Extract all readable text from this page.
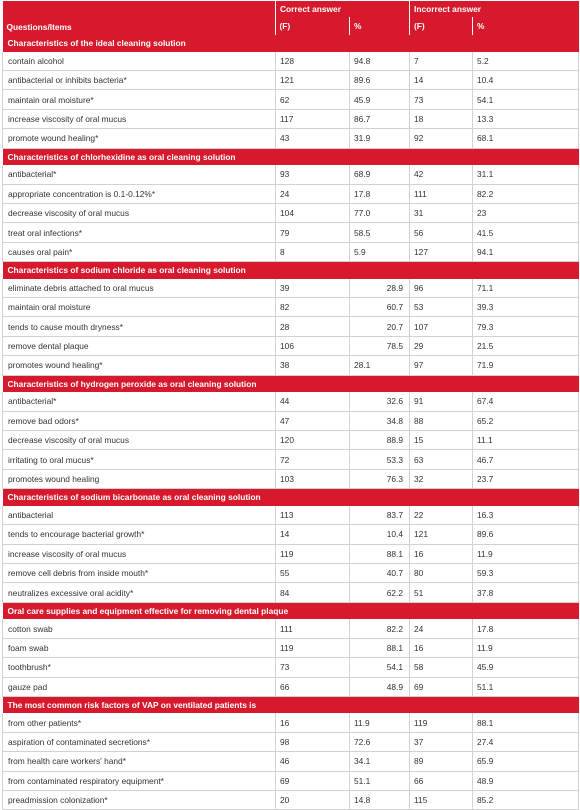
Questions/Items	Correct answer		Incorrect answer	
	(F)	%	(F)	%
Characteristics of the ideal cleaning solution				
contain alcohol	128	94.8	7	5.2
antibacterial or inhibits bacteria*	121	89.6	14	10.4
maintain oral moisture*	62	45.9	73	54.1
increase viscosity of oral mucus	117	86.7	18	13.3
promote wound healing*	43	31.9	92	68.1
Characteristics of chlorhexidine as oral cleaning solution				
antibacterial*	93	68.9	42	31.1
appropriate concentration is 0.1-0.12%*	24	17.8	111	82.2
decrease viscosity of oral mucus	104	77.0	31	23
treat oral infections*	79	58.5	56	41.5
causes oral pain*	8	5.9	127	94.1
Characteristics of sodium chloride as oral cleaning solution				
eliminate debris attached to oral mucus	39	28.9	96	71.1
maintain oral moisture	82	60.7	53	39.3
tends to cause mouth dryness*	28	20.7	107	79.3
remove dental plaque	106	78.5	29	21.5
promotes wound healing*	38	28.1	97	71.9
Characteristics of hydrogen peroxide as oral cleaning solution				
antibacterial*	44	32.6	91	67.4
remove bad odors*	47	34.8	88	65.2
decrease viscosity of oral mucus	120	88.9	15	11.1
irritating to oral mucus*	72	53.3	63	46.7
promotes wound healing	103	76.3	32	23.7
Characteristics of sodium bicarbonate as oral cleaning solution				
antibacterial	113	83.7	22	16.3
tends to encourage bacterial growth*	14	10.4	121	89.6
increase viscosity of oral mucus	119	88.1	16	11.9
remove cell debris from inside mouth*	55	40.7	80	59.3
neutralizes excessive oral acidity*	84	62.2	51	37.8
Oral care supplies and equipment effective for removing dental plaque				
cotton swab	111	82.2	24	17.8
foam swab	119	88.1	16	11.9
toothbrush*	73	54.1	58	45.9
gauze pad	66	48.9	69	51.1
The most common risk factors of VAP on ventilated patients is				
from other patients*	16	11.9	119	88.1
aspiration of contaminated secretions*	98	72.6	37	27.4
from health care workers' hand*	46	34.1	89	65.9
from contaminated respiratory equipment*	69	51.1	66	48.9
preadmission colonization*	20	14.8	115	85.2
